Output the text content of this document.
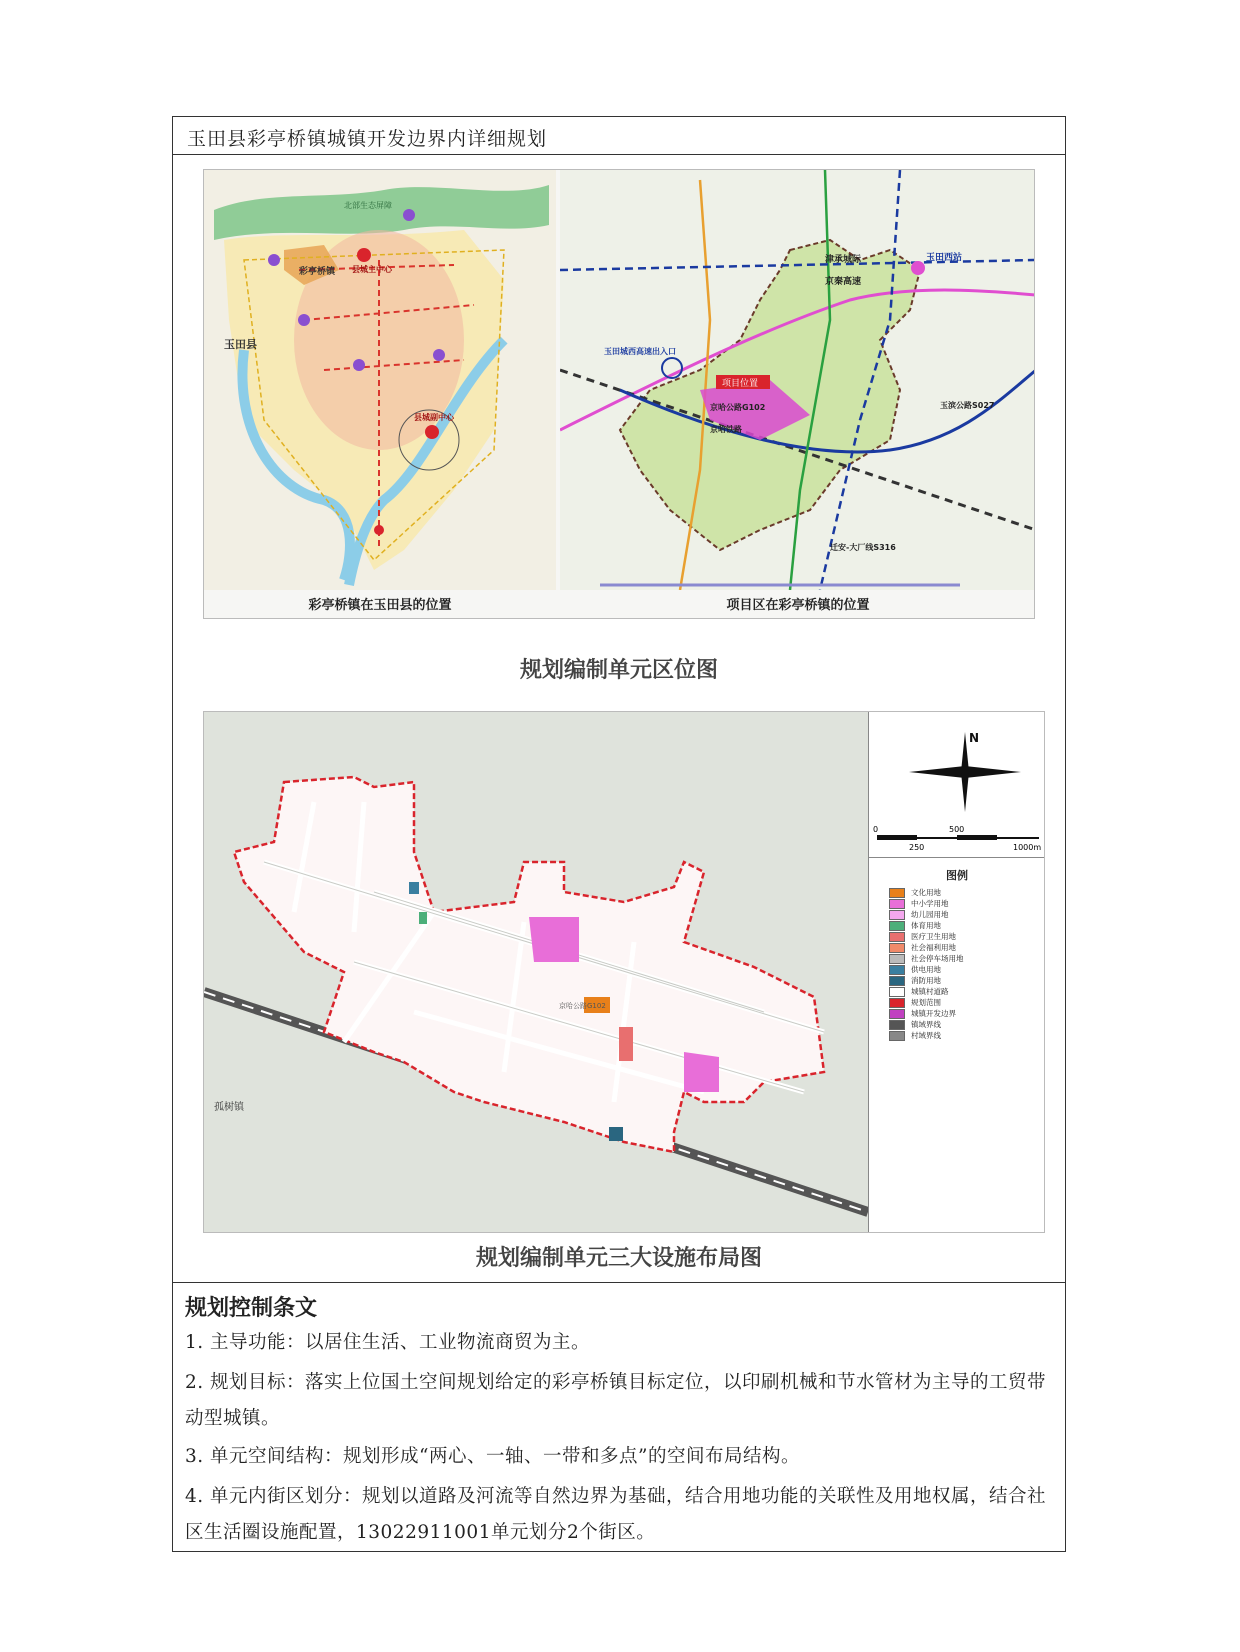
玉田县彩亭桥镇城镇开发边界内详细规划
北部生态屏障
玉田县
彩亭桥镇 县城主中心
县城副中心
项目位置
玉田西站
津承城际
京秦高速
玉田城西高速出入口
京哈公路G102
京哈铁路
玉滨公路S027
迁安-大厂线S316
彩亭桥镇在玉田县的位置	项目区在彩亭桥镇的位置
规划编制单元区位图
京哈公路G102
孤树镇
N
0	500
250	1000m
图例
文化用地
中小学用地
幼儿园用地
体育用地
医疗卫生用地
社会福利用地
社会停车场用地
供电用地
消防用地
城镇村道路
规划范围
城镇开发边界
镇域界线
村域界线
规划编制单元三大设施布局图
规划控制条文
1. 主导功能：以居住生活、工业物流商贸为主。
2. 规划目标：落实上位国土空间规划给定的彩亭桥镇目标定位，以印刷机械和节水管材为主导的工贸带动型城镇。
3. 单元空间结构：规划形成“两心、一轴、一带和多点”的空间布局结构。
4. 单元内街区划分：规划以道路及河流等自然边界为基础，结合用地功能的关联性及用地权属，结合社区生活圈设施配置，13022911001单元划分2个街区。
